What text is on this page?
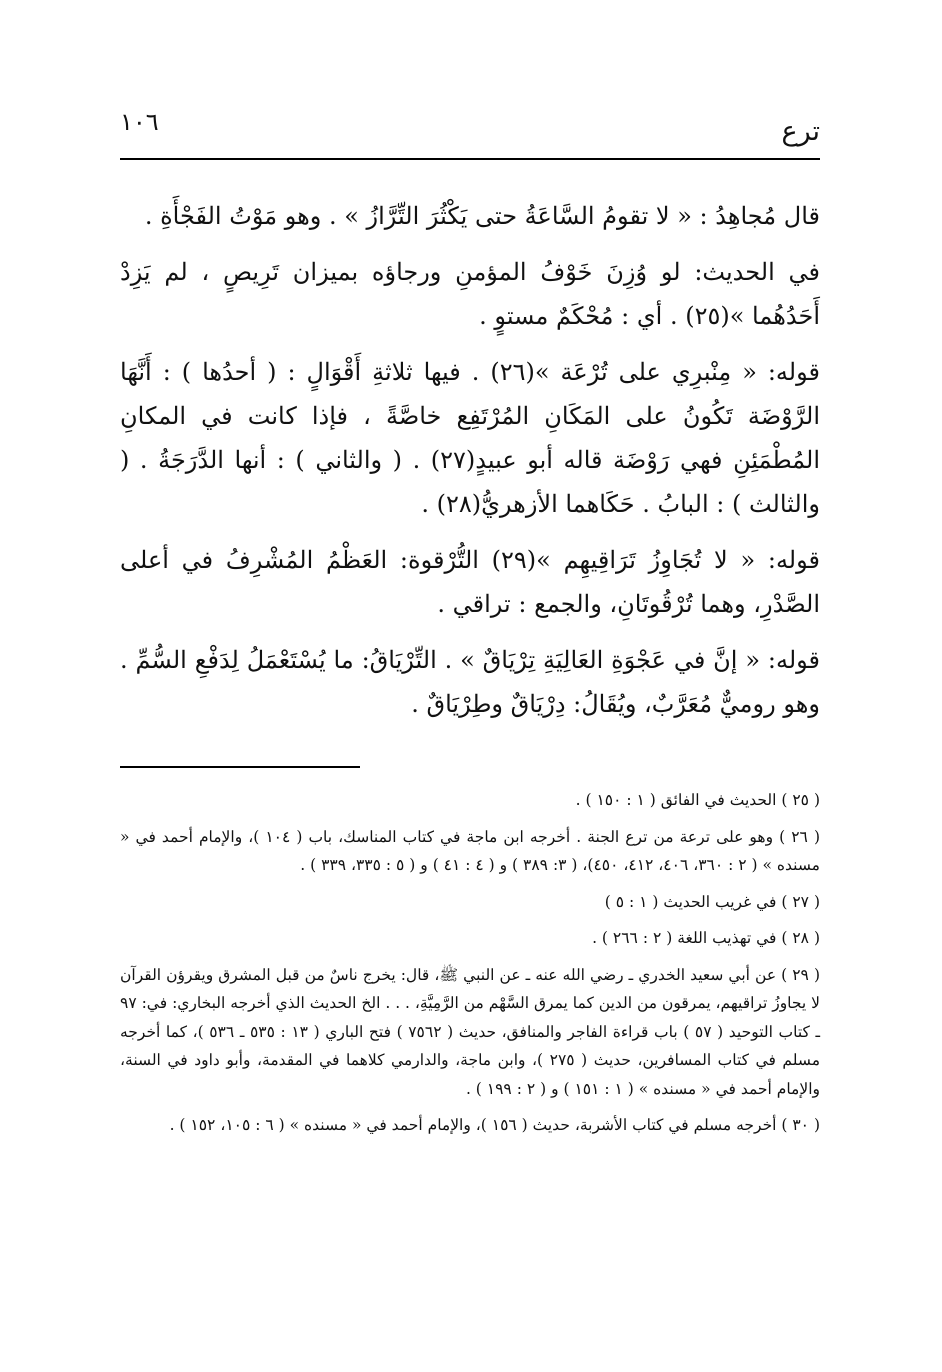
ترع
١٠٦

قال مُجاهِدُ : « لا تقومُ السَّاعَةُ حتى يَكْثُرَ التِّرَّازُ » . وهو مَوْتُ الفَجْأَةِ .

في الحديث: لو وُزِنَ خَوْفُ المؤمنِ ورجاؤه بميزان تَرِيصٍ ، لم يَزِدْ أَحَدُهُما »(٢٥) . أي : مُحْكَمٌ مستوٍ .

قوله: « مِنْبرِي على تُرْعَة »(٢٦) . فيها ثلاثةِ أَقْوَالٍ : ( أحدُها ) : أَنَّهَا الرَّوْضَة تَكُونُ على المَكَانِ المُرْتَفِع خاصَّةً ، فإذا كانت في المكانِ المُطْمَئِنِ فهي رَوْضَة قاله أبو عبيدٍ(٢٧) . ( والثاني ) : أنها الدَّرَجَةُ . ( والثالث ) : البابُ . حَكَاهما الأزهريُّ(٢٨) .

قوله: « لا تُجَاوِزُ تَرَاقِيهِم »(٢٩) التُّرْقوة: العَظْمُ المُشْرِفُ في أعلى الصَّدْرِ، وهما تُرْقُوتَانِ، والجمع : تراقي .

قوله: « إنَّ في عَجْوَةِ العَالِيَةِ تِرْيَاقٌ » . التِّرْيَاقُ: ما يُسْتَعْمَلُ لِدَفْعِ السُّمِّ . وهو روميٌّ مُعَرَّبٌ، ويُقَالُ: دِرْيَاقٌ وطِرْيَاقٌ .

( ٢٥ ) الحديث في الفائق ( ١ : ١٥٠ ) .

( ٢٦ ) وهو على ترعة من ترع الجنة . أخرجه ابن ماجة في كتاب المناسك، باب ( ١٠٤ )، والإمام أحمد في « مسنده » ( ٢ : ٣٦٠، ٤٠٦، ٤١٢، ٤٥٠)، ( ٣: ٣٨٩ ) و ( ٤ : ٤١ ) و ( ٥ : ٣٣٥، ٣٣٩ ) .

( ٢٧ ) في غريب الحديث ( ١ : ٥ )

( ٢٨ ) في تهذيب اللغة ( ٢ : ٢٦٦ ) .

( ٢٩ ) عن أبي سعيد الخدري ـ رضي الله عنه ـ عن النبي ﷺ، قال: يخرج ناسٌ من قبل المشرق ويقرؤن القرآن لا يجاوزُ تراقيهم، يمرقون من الدين كما يمرق السَّهْم من الرَّمِيَّةِ، . . . الخ الحديث الذي أخرجه البخاري: في: ٩٧ ـ كتاب التوحيد ( ٥٧ ) باب قراءة الفاجر والمنافق، حديث ( ٧٥٦٢ ) فتح الباري ( ١٣ : ٥٣٥ ـ ٥٣٦ )، كما أخرجه مسلم في كتاب المسافرين، حديث ( ٢٧٥ )، وابن ماجة، والدارمي كلاهما في المقدمة، وأبو داود في السنة، والإمام أحمد في « مسنده » ( ١ : ١٥١ ) و ( ٢ : ١٩٩ ) .

( ٣٠ ) أخرجه مسلم في كتاب الأشربة، حديث ( ١٥٦ )، والإمام أحمد في « مسنده » ( ٦ : ١٠٥، ١٥٢ ) .
